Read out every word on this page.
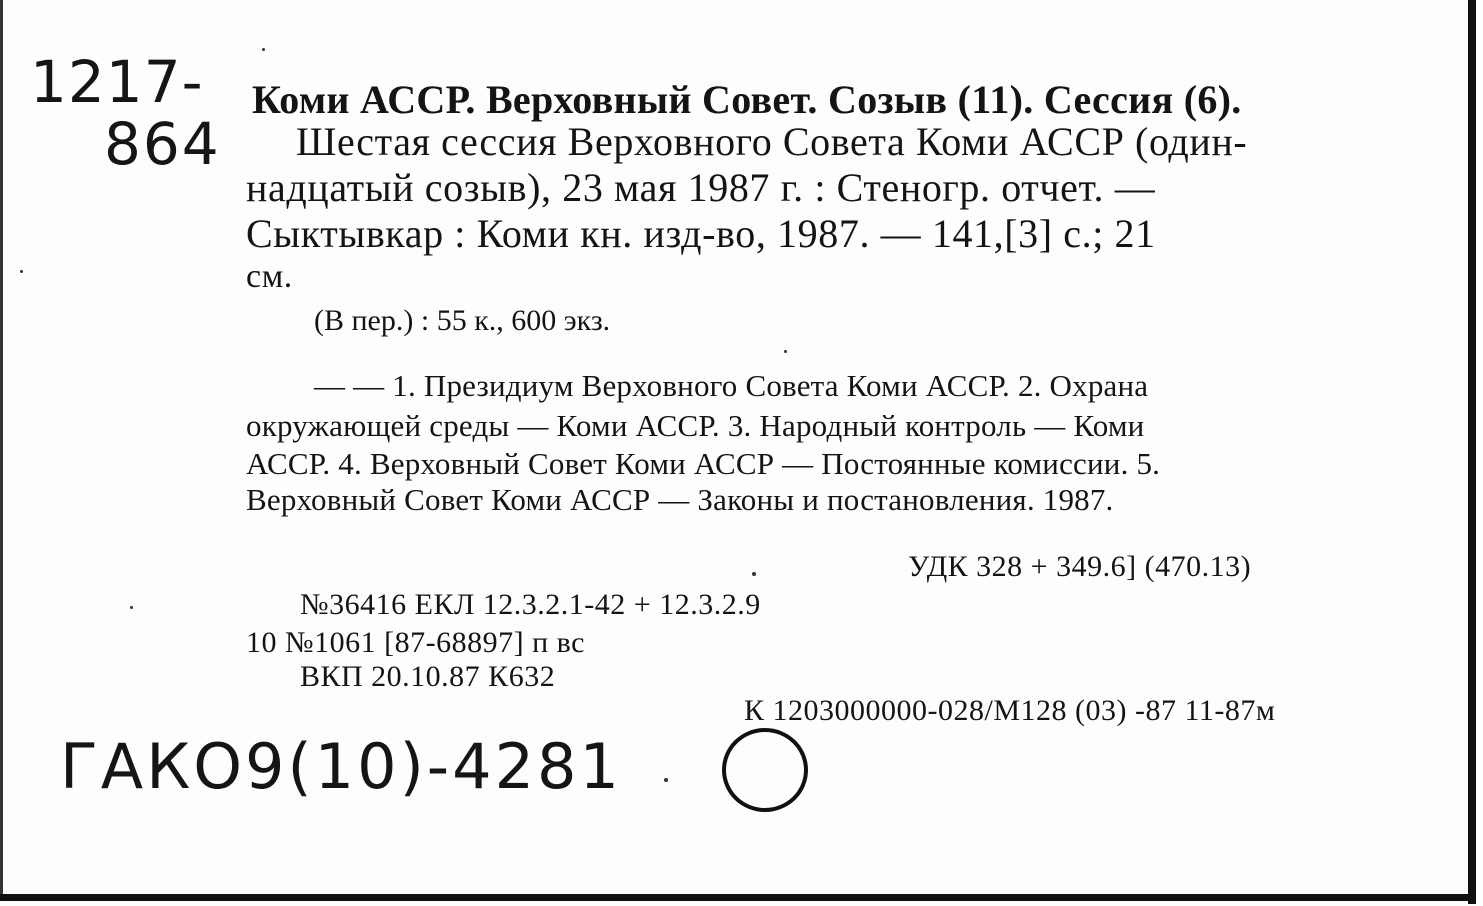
1217-
864
Коми АССР. Верховный Совет. Созыв (11). Сессия (6).
Шестая сессия Верховного Совета Коми АССР (один-
надцатый созыв), 23 мая 1987 г. : Стеногр. отчет. —
Сыктывкар : Коми кн. изд-во, 1987. — 141,[3] с.; 21
см.
(В пер.) : 55 к., 600 экз.
— — 1. Президиум Верховного Совета Коми АССР. 2. Охрана
окружающей среды — Коми АССР. 3. Народный контроль — Коми
АССР. 4. Верховный Совет Коми АССР — Постоянные комиссии. 5.
Верховный Совет Коми АССР — Законы и постановления. 1987.
УДК 328 + 349.6] (470.13)
№36416 ЕКЛ 12.3.2.1-42 + 12.3.2.9
10 №1061 [87-68897] п вс
ВКП 20.10.87 К632
К 1203000000-028/М128 (03) -87 11-87м
ГАКО9(10)-4281
